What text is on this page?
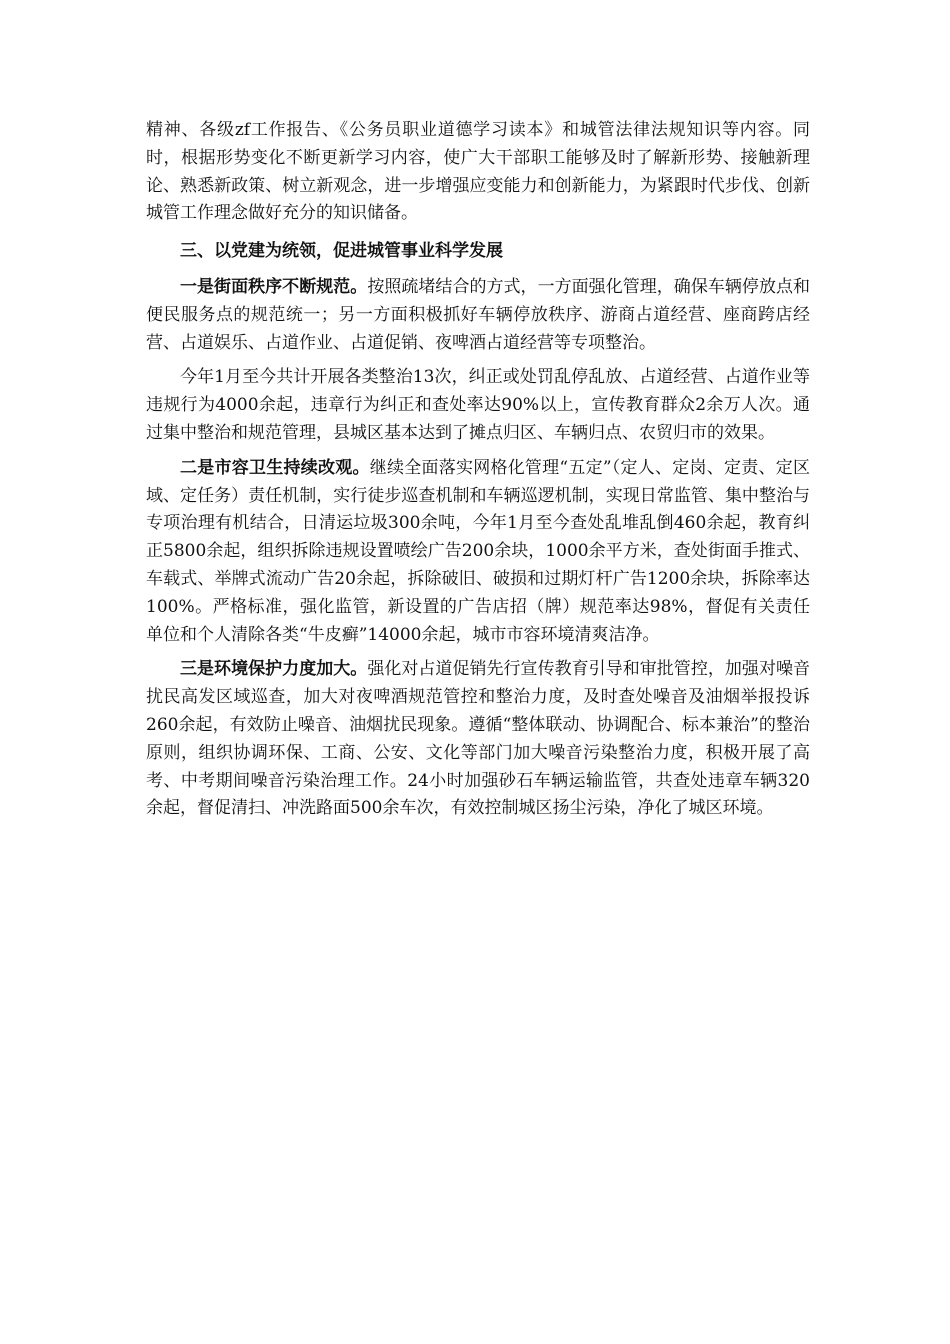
精神、各级zf工作报告、《公务员职业道德学习读本》和城管法律法规知识等内容。同时，根据形势变化不断更新学习内容，使广大干部职工能够及时了解新形势、接触新理论、熟悉新政策、树立新观念，进一步增强应变能力和创新能力，为紧跟时代步伐、创新城管工作理念做好充分的知识储备。

三、以党建为统领，促进城管事业科学发展

一是街面秩序不断规范。按照疏堵结合的方式，一方面强化管理，确保车辆停放点和便民服务点的规范统一；另一方面积极抓好车辆停放秩序、游商占道经营、座商跨店经营、占道娱乐、占道作业、占道促销、夜啤酒占道经营等专项整治。

今年1月至今共计开展各类整治13次，纠正或处罚乱停乱放、占道经营、占道作业等违规行为4000余起，违章行为纠正和查处率达90%以上，宣传教育群众2余万人次。通过集中整治和规范管理，县城区基本达到了摊点归区、车辆归点、农贸归市的效果。

二是市容卫生持续改观。继续全面落实网格化管理“五定”（定人、定岗、定责、定区域、定任务）责任机制，实行徒步巡查机制和车辆巡逻机制，实现日常监管、集中整治与专项治理有机结合，日清运垃圾300余吨，今年1月至今查处乱堆乱倒460余起，教育纠正5800余起，组织拆除违规设置喷绘广告200余块，1000余平方米，查处街面手推式、车载式、举牌式流动广告20余起，拆除破旧、破损和过期灯杆广告1200余块，拆除率达100%。严格标准，强化监管，新设置的广告店招（牌）规范率达98%，督促有关责任单位和个人清除各类“牛皮癣”14000余起，城市市容环境清爽洁净。

三是环境保护力度加大。强化对占道促销先行宣传教育引导和审批管控，加强对噪音扰民高发区域巡查，加大对夜啤酒规范管控和整治力度，及时查处噪音及油烟举报投诉260余起，有效防止噪音、油烟扰民现象。遵循“整体联动、协调配合、标本兼治”的整治原则，组织协调环保、工商、公安、文化等部门加大噪音污染整治力度，积极开展了高考、中考期间噪音污染治理工作。24小时加强砂石车辆运输监管，共查处违章车辆320余起，督促清扫、冲洗路面500余车次，有效控制城区扬尘污染，净化了城区环境。
